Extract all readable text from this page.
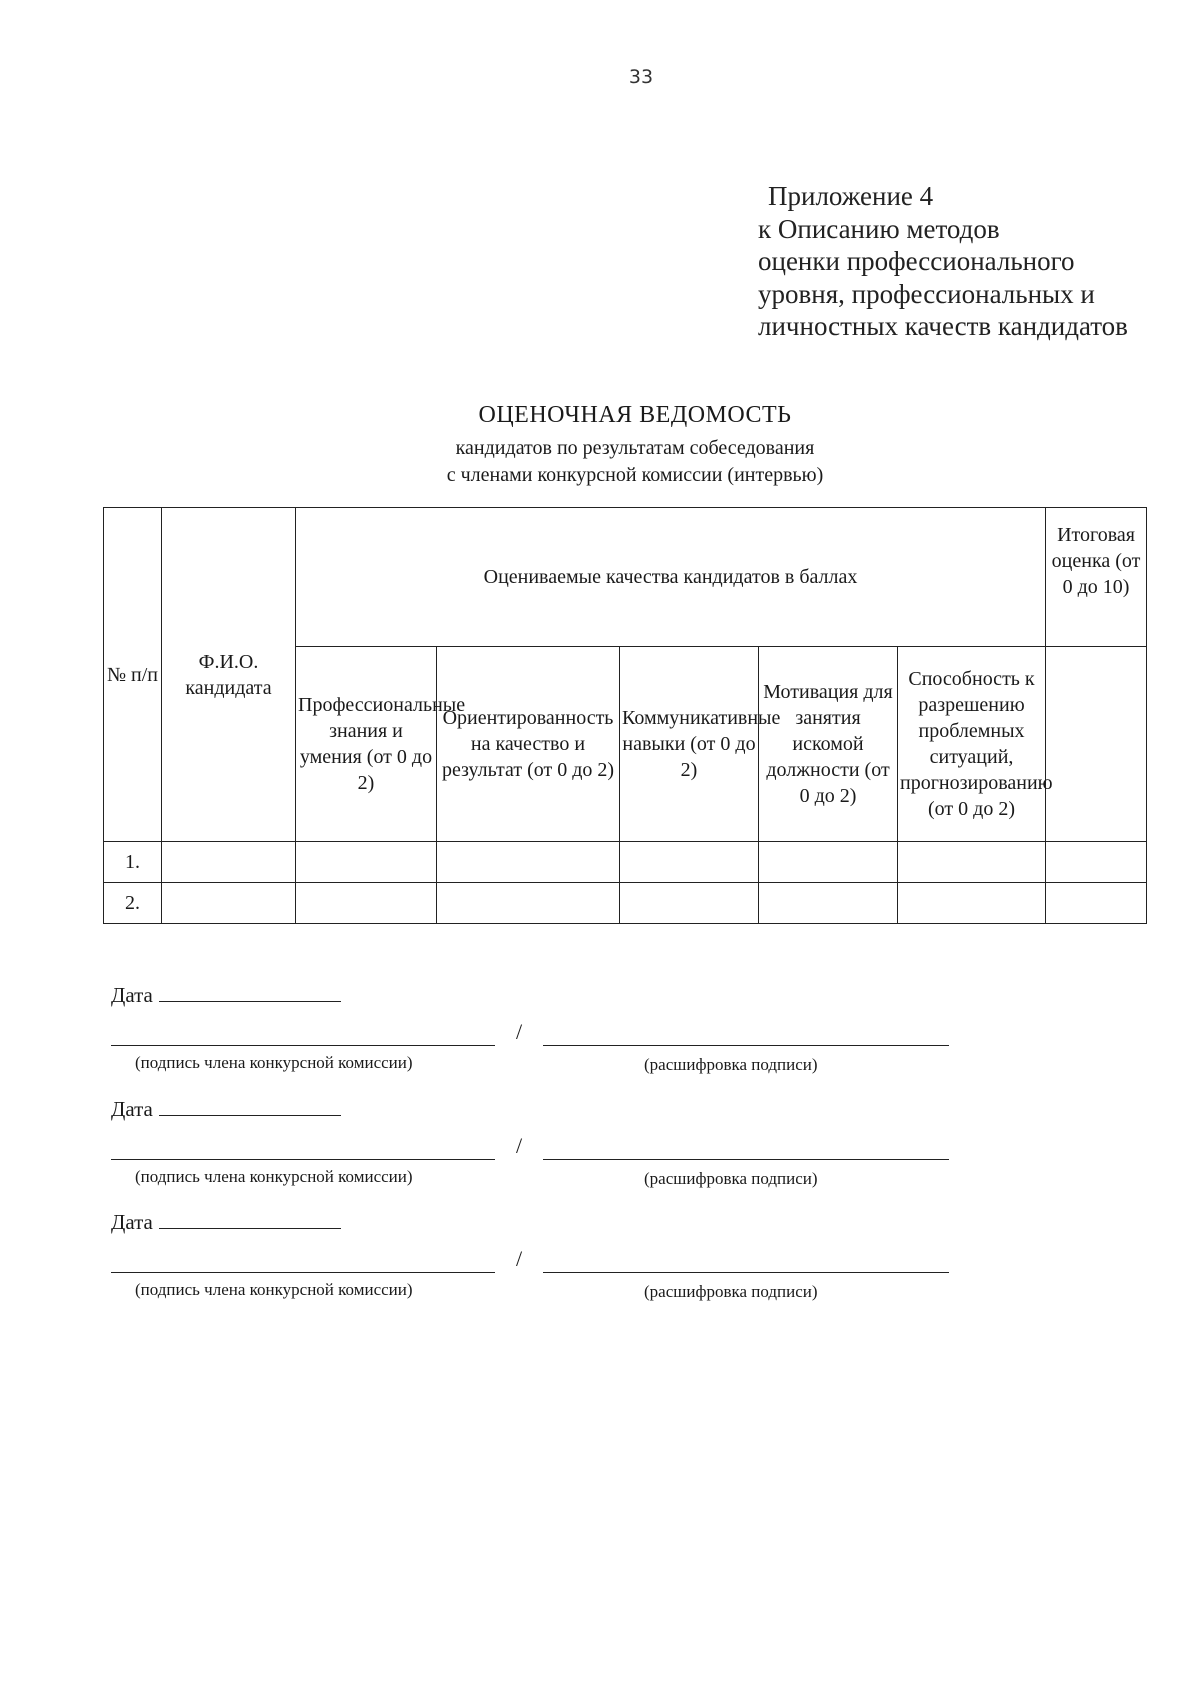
33
Приложение 4
к Описанию методов
оценки профессионального
уровня, профессиональных и
личностных качеств кандидатов
ОЦЕНОЧНАЯ ВЕДОМОСТЬ
кандидатов по результатам собеседования
с членами конкурсной комиссии (интервью)
№ п/п	Ф.И.О. кандидата	Оцениваемые качества кандидатов в баллах					Итоговая оценка (от 0 до 10)
		Профессиональные знания и умения (от 0 до 2)	Ориентированность на качество и результат (от 0 до 2)	Коммуникативные навыки (от 0 до 2)	Мотивация для занятия искомой должности (от 0 до 2)	Способность к разрешению проблемных ситуаций, прогнозированию (от 0 до 2)	
1.							
2.							
Дата
/
(подпись члена конкурсной комиссии)	(расшифровка подписи)
Дата
/
(подпись члена конкурсной комиссии)	(расшифровка подписи)
Дата
/
(подпись члена конкурсной комиссии)	(расшифровка подписи)
